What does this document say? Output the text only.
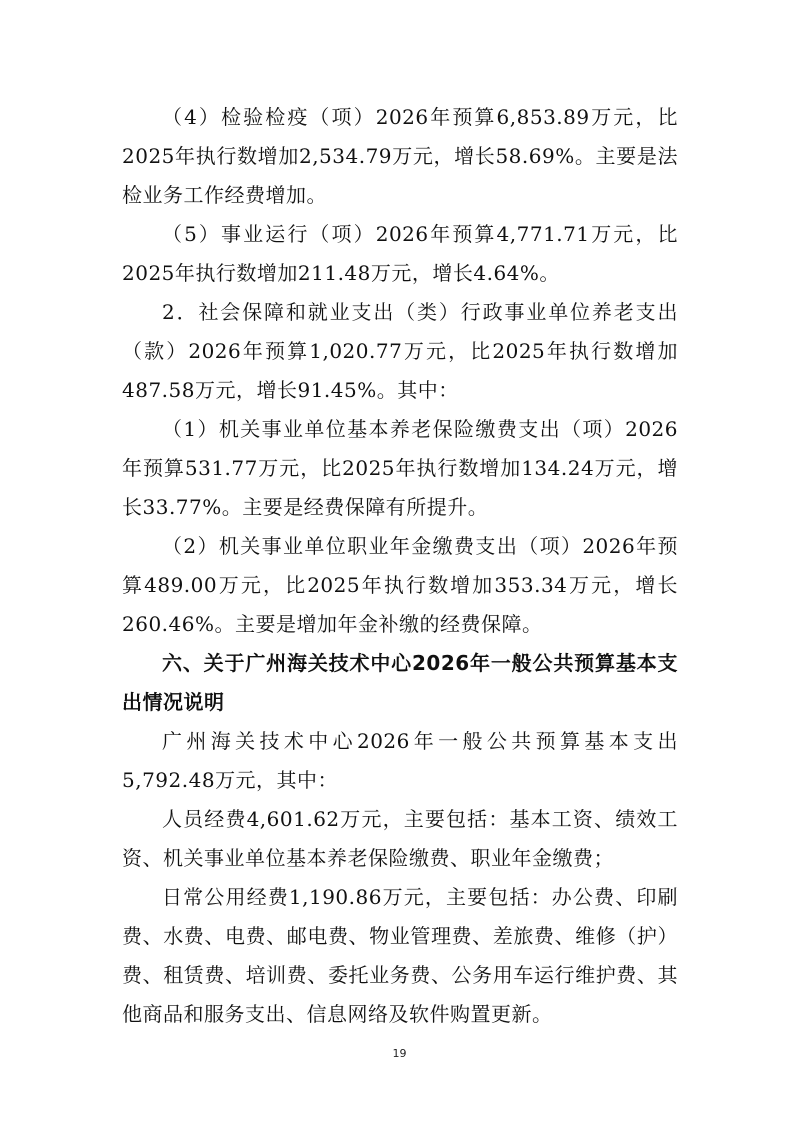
（4）检验检疫（项）2026年预算6,853.89万元，比2025年执行数增加2,534.79万元，增长58.69%。主要是法检业务工作经费增加。

（5）事业运行（项）2026年预算4,771.71万元，比2025年执行数增加211.48万元，增长4.64%。

2．社会保障和就业支出（类）行政事业单位养老支出（款）2026年预算1,020.77万元，比2025年执行数增加487.58万元，增长91.45%。其中：

（1）机关事业单位基本养老保险缴费支出（项）2026年预算531.77万元，比2025年执行数增加134.24万元，增长33.77%。主要是经费保障有所提升。

（2）机关事业单位职业年金缴费支出（项）2026年预算489.00万元，比2025年执行数增加353.34万元，增长260.46%。主要是增加年金补缴的经费保障。

六、关于广州海关技术中心2026年一般公共预算基本支出情况说明

广州海关技术中心2026年一般公共预算基本支出5,792.48万元，其中：

人员经费4,601.62万元，主要包括：基本工资、绩效工资、机关事业单位基本养老保险缴费、职业年金缴费；

日常公用经费1,190.86万元，主要包括：办公费、印刷费、水费、电费、邮电费、物业管理费、差旅费、维修（护）费、租赁费、培训费、委托业务费、公务用车运行维护费、其他商品和服务支出、信息网络及软件购置更新。

19
